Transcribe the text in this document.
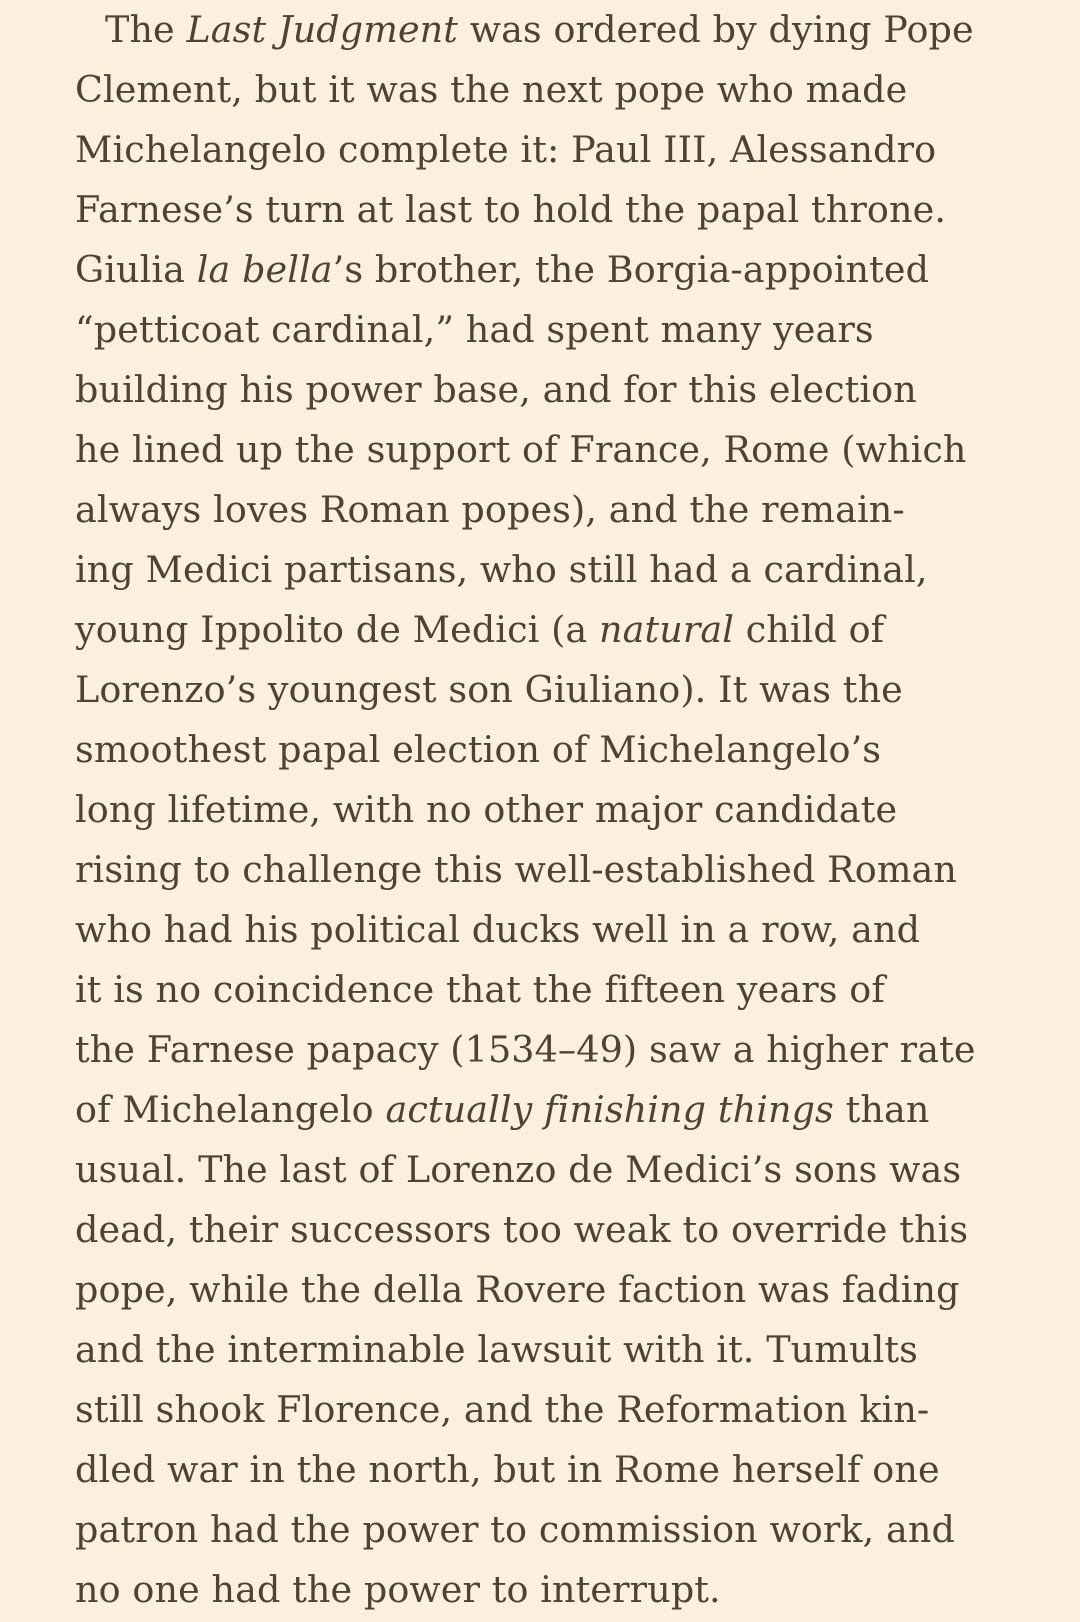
The Last Judgment was ordered by dying Pope
Clement, but it was the next pope who made
Michelangelo complete it: Paul III, Alessandro
Farnese’s turn at last to hold the papal throne.
Giulia la bella’s brother, the Borgia-appointed
“petticoat cardinal,” had spent many years
building his power base, and for this election
he lined up the support of France, Rome (which
always loves Roman popes), and the remain-
ing Medici partisans, who still had a cardinal,
young Ippolito de Medici (a natural child of
Lorenzo’s youngest son Giuliano). It was the
smoothest papal election of Michelangelo’s
long lifetime, with no other major candidate
rising to challenge this well-established Roman
who had his political ducks well in a row, and
it is no coincidence that the fifteen years of
the Farnese papacy (1534–49) saw a higher rate
of Michelangelo actually finishing things than
usual. The last of Lorenzo de Medici’s sons was
dead, their successors too weak to override this
pope, while the della Rovere faction was fading
and the interminable lawsuit with it. Tumults
still shook Florence, and the Reformation kin-
dled war in the north, but in Rome herself one
patron had the power to commission work, and
no one had the power to interrupt.
